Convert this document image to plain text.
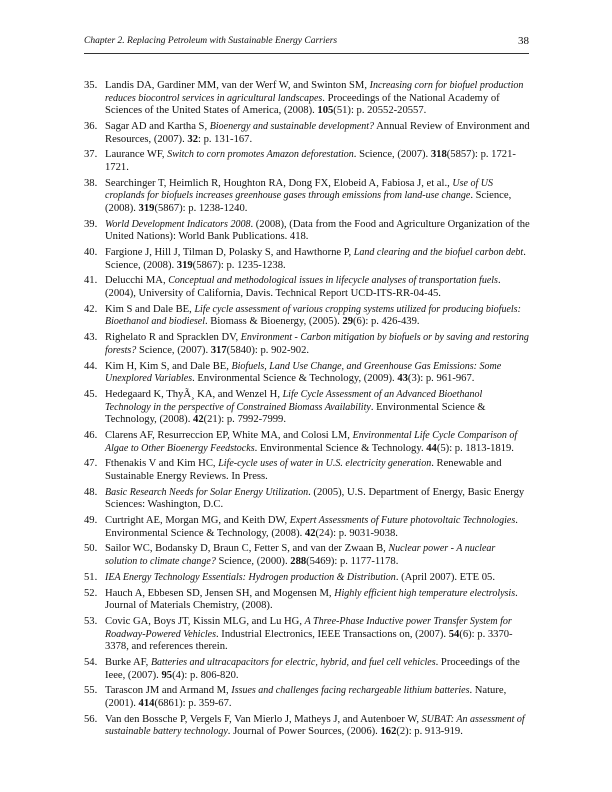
Chapter 2. Replacing Petroleum with Sustainable Energy Carriers	38
35. Landis DA, Gardiner MM, van der Werf W, and Swinton SM, Increasing corn for biofuel production reduces biocontrol services in agricultural landscapes. Proceedings of the National Academy of Sciences of the United States of America, (2008). 105(51): p. 20552-20557.
36. Sagar AD and Kartha S, Bioenergy and sustainable development? Annual Review of Environment and Resources, (2007). 32: p. 131-167.
37. Laurance WF, Switch to corn promotes Amazon deforestation. Science, (2007). 318(5857): p. 1721-1721.
38. Searchinger T, Heimlich R, Houghton RA, Dong FX, Elobeid A, Fabiosa J, et al., Use of US croplands for biofuels increases greenhouse gases through emissions from land-use change. Science, (2008). 319(5867): p. 1238-1240.
39. World Development Indicators 2008. (2008), (Data from the Food and Agriculture Organization of the United Nations): World Bank Publications. 418.
40. Fargione J, Hill J, Tilman D, Polasky S, and Hawthorne P, Land clearing and the biofuel carbon debt. Science, (2008). 319(5867): p. 1235-1238.
41. Delucchi MA, Conceptual and methodological issues in lifecycle analyses of transportation fuels. (2004), University of California, Davis. Technical Report UCD-ITS-RR-04-45.
42. Kim S and Dale BE, Life cycle assessment of various cropping systems utilized for producing biofuels: Bioethanol and biodiesel. Biomass & Bioenergy, (2005). 29(6): p. 426-439.
43. Righelato R and Spracklen DV, Environment - Carbon mitigation by biofuels or by saving and restoring forests? Science, (2007). 317(5840): p. 902-902.
44. Kim H, Kim S, and Dale BE, Biofuels, Land Use Change, and Greenhouse Gas Emissions: Some Unexplored Variables. Environmental Science & Technology, (2009). 43(3): p. 961-967.
45. Hedegaard K, ThyÃ¸ KA, and Wenzel H, Life Cycle Assessment of an Advanced Bioethanol Technology in the perspective of Constrained Biomass Availability. Environmental Science & Technology, (2008). 42(21): p. 7992-7999.
46. Clarens AF, Resurreccion EP, White MA, and Colosi LM, Environmental Life Cycle Comparison of Algae to Other Bioenergy Feedstocks. Environmental Science & Technology. 44(5): p. 1813-1819.
47. Fthenakis V and Kim HC, Life-cycle uses of water in U.S. electricity generation. Renewable and Sustainable Energy Reviews. In Press.
48. Basic Research Needs for Solar Energy Utilization. (2005), U.S. Department of Energy, Basic Energy Sciences: Washington, D.C.
49. Curtright AE, Morgan MG, and Keith DW, Expert Assessments of Future photovoltaic Technologies. Environmental Science & Technology, (2008). 42(24): p. 9031-9038.
50. Sailor WC, Bodansky D, Braun C, Fetter S, and van der Zwaan B, Nuclear power - A nuclear solution to climate change? Science, (2000). 288(5469): p. 1177-1178.
51. IEA Energy Technology Essentials: Hydrogen production & Distribution. (April 2007). ETE 05.
52. Hauch A, Ebbesen SD, Jensen SH, and Mogensen M, Highly efficient high temperature electrolysis. Journal of Materials Chemistry, (2008).
53. Covic GA, Boys JT, Kissin MLG, and Lu HG, A Three-Phase Inductive power Transfer System for Roadway-Powered Vehicles. Industrial Electronics, IEEE Transactions on, (2007). 54(6): p. 3370-3378, and references therein.
54. Burke AF, Batteries and ultracapacitors for electric, hybrid, and fuel cell vehicles. Proceedings of the Ieee, (2007). 95(4): p. 806-820.
55. Tarascon JM and Armand M, Issues and challenges facing rechargeable lithium batteries. Nature, (2001). 414(6861): p. 359-67.
56. Van den Bossche P, Vergels F, Van Mierlo J, Matheys J, and Autenboer W, SUBAT: An assessment of sustainable battery technology. Journal of Power Sources, (2006). 162(2): p. 913-919.
